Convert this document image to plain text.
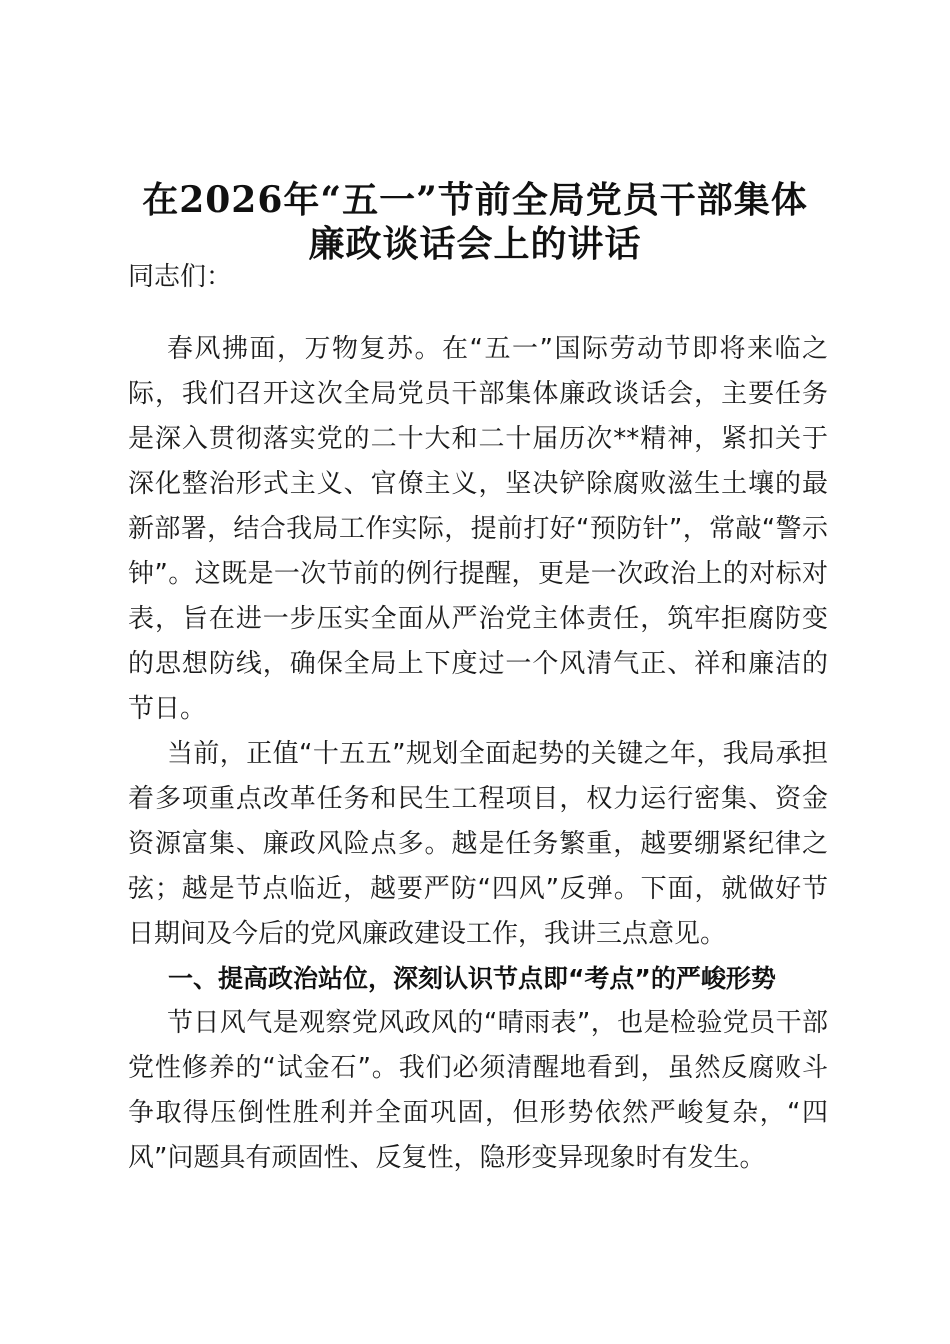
在2026年“五一”节前全局党员干部集体
廉政谈话会上的讲话
同志们：
春风拂面，万物复苏。在“五一”国际劳动节即将来临之际，我们召开这次全局党员干部集体廉政谈话会，主要任务是深入贯彻落实党的二十大和二十届历次**精神，紧扣关于深化整治形式主义、官僚主义，坚决铲除腐败滋生土壤的最新部署，结合我局工作实际，提前打好“预防针”，常敲“警示钟”。这既是一次节前的例行提醒，更是一次政治上的对标对表，旨在进一步压实全面从严治党主体责任，筑牢拒腐防变的思想防线，确保全局上下度过一个风清气正、祥和廉洁的节日。
当前，正值“十五五”规划全面起势的关键之年，我局承担着多项重点改革任务和民生工程项目，权力运行密集、资金资源富集、廉政风险点多。越是任务繁重，越要绷紧纪律之弦；越是节点临近，越要严防“四风”反弹。下面，就做好节日期间及今后的党风廉政建设工作，我讲三点意见。
一、提高政治站位，深刻认识节点即“考点”的严峻形势
节日风气是观察党风政风的“晴雨表”，也是检验党员干部党性修养的“试金石”。我们必须清醒地看到，虽然反腐败斗争取得压倒性胜利并全面巩固，但形势依然严峻复杂，“四风”问题具有顽固性、反复性，隐形变异现象时有发生。
